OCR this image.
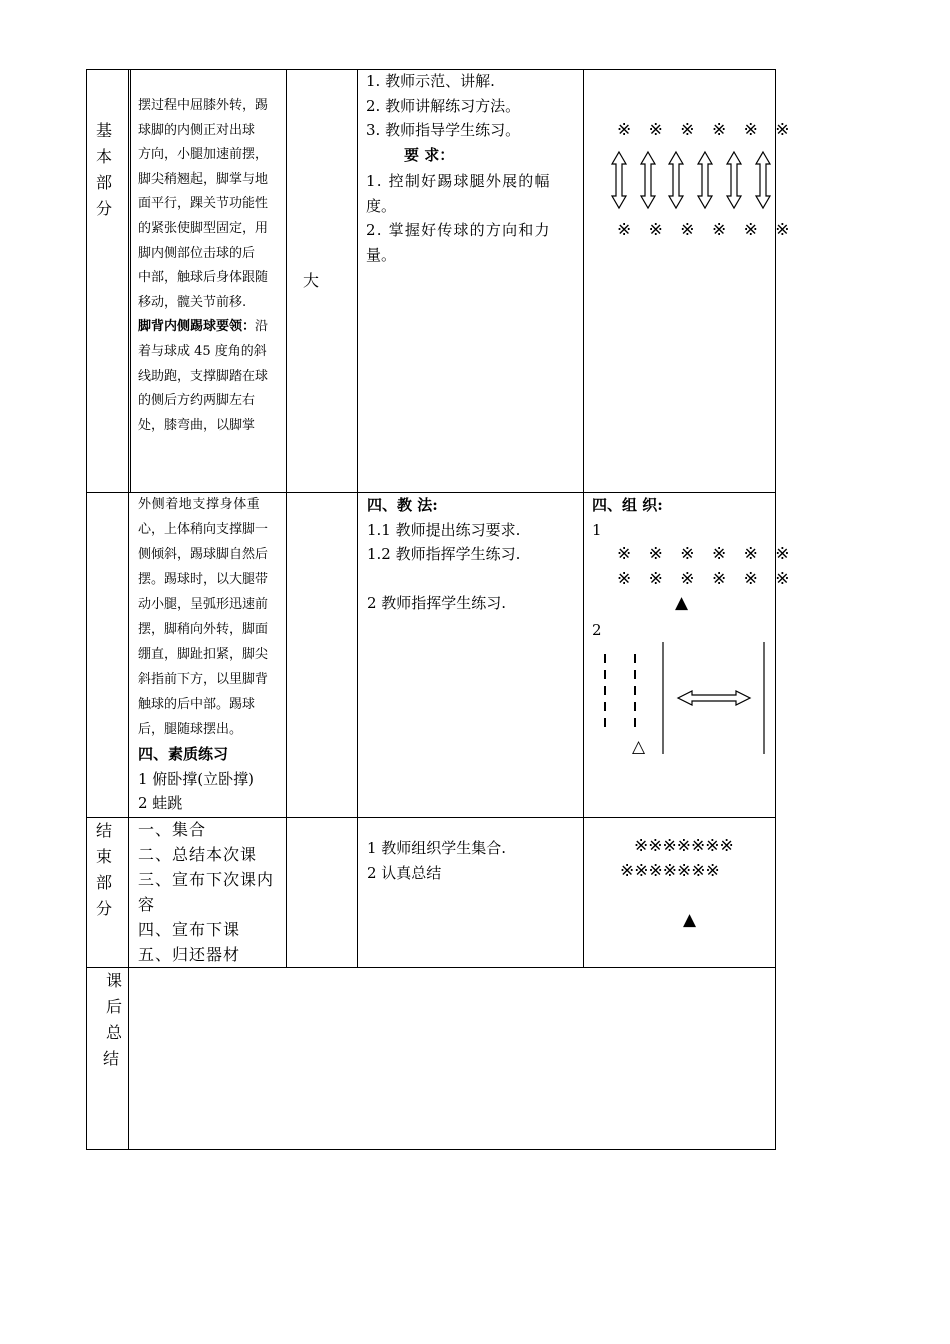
基
本
部
分
摆过程中屈膝外转，踢
球脚的内侧正对出球
方向，小腿加速前摆，
脚尖稍翘起，脚掌与地
面平行，踝关节功能性
的紧张使脚型固定，用
脚内侧部位击球的后
中部，触球后身体跟随
移动，髋关节前移.
脚背内侧踢球要领：沿
着与球成 45 度角的斜
线助跑，支撑脚踏在球
的侧后方约两脚左右
处，膝弯曲，以脚掌
大
1. 教师示范、讲解.
2. 教师讲解练习方法。
3. 教师指导学生练习。
要 求：
1. 控制好踢球腿外展的幅
度。
2. 掌握好传球的方向和力
量。
※ ※ ※ ※ ※ ※
※ ※ ※ ※ ※ ※
外侧着地支撑身体重
心，上体稍向支撑脚一
侧倾斜，踢球脚自然后
摆。踢球时，以大腿带
动小腿，呈弧形迅速前
摆，脚稍向外转，脚面
绷直，脚趾扣紧，脚尖
斜指前下方，以里脚背
触球的后中部。踢球
后，腿随球摆出。
四、素质练习
1 俯卧撑(立卧撑)
2 蛙跳
四、教 法:
1.1 教师提出练习要求.
1.2 教师指挥学生练习.
2 教师指挥学生练习.
四、组 织:
1
※ ※ ※ ※ ※ ※
※ ※ ※ ※ ※ ※
▲
2
△
结
束
部
分
一、集合
二、总结本次课
三、宣布下次课内
容
四、宣布下课
五、归还器材
1 教师组织学生集合.
2 认真总结
※※※※※※※
※※※※※※※
▲
课
后
总
结
